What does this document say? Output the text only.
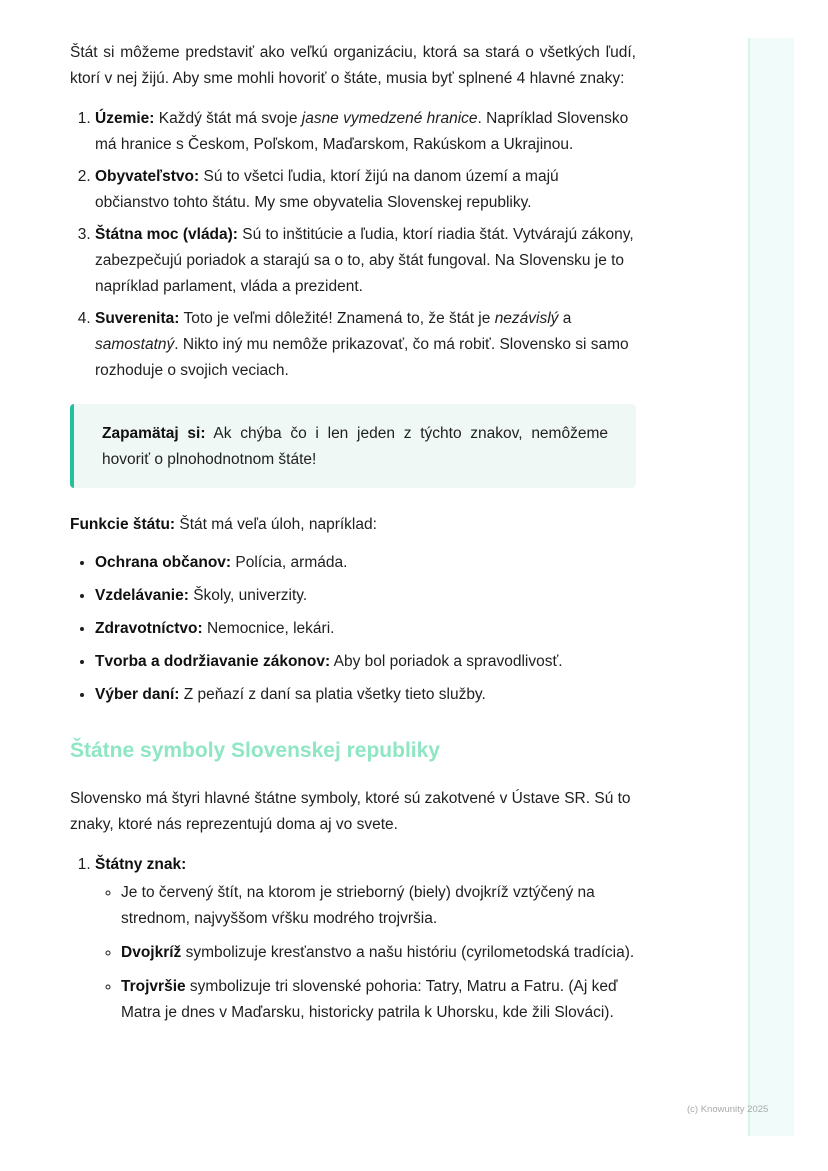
Štát si môžeme predstaviť ako veľkú organizáciu, ktorá sa stará o všetkých ľudí, ktorí v nej žijú. Aby sme mohli hovoriť o štáte, musia byť splnené 4 hlavné znaky:

1. Územie: Každý štát má svoje jasne vymedzené hranice. Napríklad Slovensko má hranice s Českom, Poľskom, Maďarskom, Rakúskom a Ukrajinou.
2. Obyvateľstvo: Sú to všetci ľudia, ktorí žijú na danom území a majú občianstvo tohto štátu. My sme obyvatelia Slovenskej republiky.
3. Štátna moc (vláda): Sú to inštitúcie a ľudia, ktorí riadia štát. Vytvárajú zákony, zabezpečujú poriadok a starajú sa o to, aby štát fungoval. Na Slovensku je to napríklad parlament, vláda a prezident.
4. Suverenita: Toto je veľmi dôležité! Znamená to, že štát je nezávislý a samostatný. Nikto iný mu nemôže prikazovať, čo má robiť. Slovensko si samo rozhoduje o svojich veciach.
Zapamätaj si: Ak chýba čo i len jeden z týchto znakov, nemôžeme hovoriť o plnohodnotnom štáte!

Funkcie štátu: Štát má veľa úloh, napríklad:

• Ochrana občanov: Polícia, armáda.
• Vzdelávanie: Školy, univerzity.
• Zdravotníctvo: Nemocnice, lekári.
• Tvorba a dodržiavanie zákonov: Aby bol poriadok a spravodlivosť.
• Výber daní: Z peňazí z daní sa platia všetky tieto služby.
Štátne symboly Slovenskej republiky

Slovensko má štyri hlavné štátne symboly, ktoré sú zakotvené v Ústave SR. Sú to znaky, ktoré nás reprezentujú doma aj vo svete.

1. Štátny znak:
◦ Je to červený štít, na ktorom je strieborný (biely) dvojkríž vztýčený na strednom, najvyššom vŕšku modrého trojvršia.
◦ Dvojkríž symbolizuje kresťanstvo a našu históriu (cyrilometodská tradícia).
◦ Trojvršie symbolizuje tri slovenské pohoria: Tatry, Matru a Fatru. (Aj keď Matra je dnes v Maďarsku, historicky patrila k Uhorsku, kde žili Slováci).
(c) Knowunity 2025
